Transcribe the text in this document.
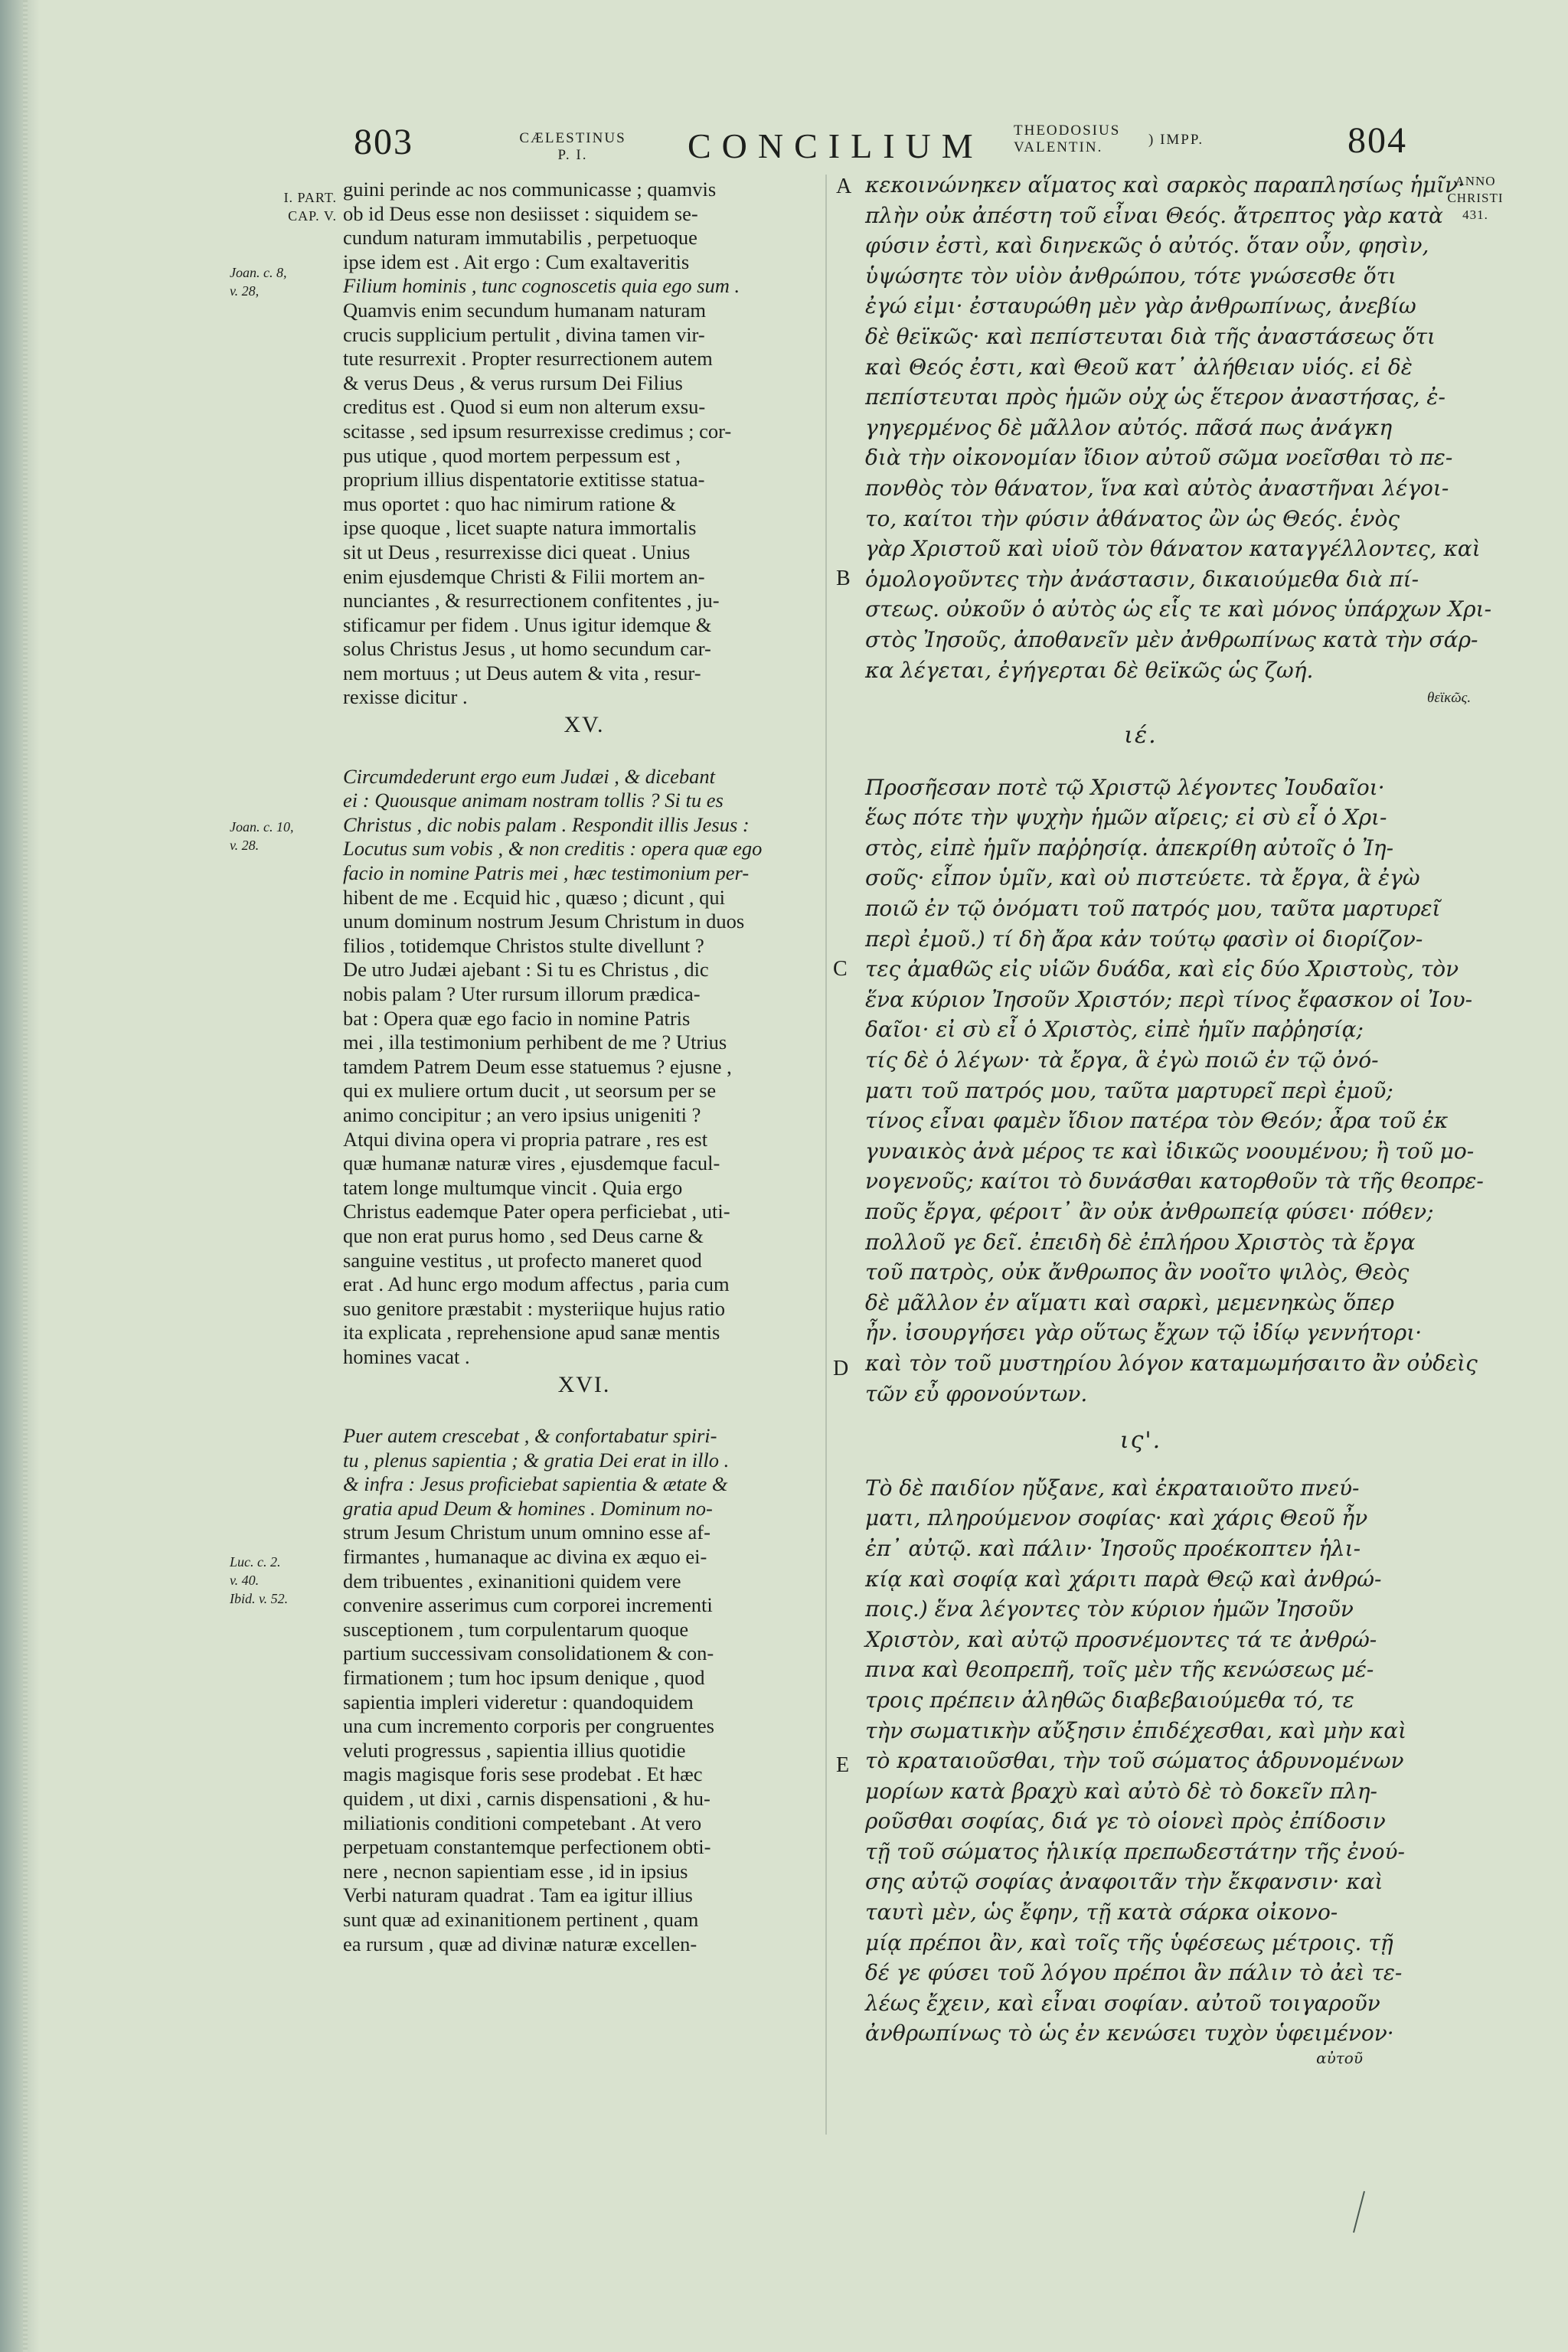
803	CÆLESTINUS
P. I.	CONCILIUM THEODOSIUS
VALENTIN.	) IMPP.	804
ANNO
CHRISTI
431.
I. PART.
CAP. V.
Joan. c. 8,
v. 28,
Joan. c. 10,
v. 28.
Luc. c. 2.
v. 40.
Ibid. v. 52.
A
B
C
D
E
guini perinde ac nos communicasse ; quamvis
ob id Deus esse non desiisset : siquidem se-
cundum naturam immutabilis , perpetuoque
ipse idem est . Ait ergo : Cum exaltaveritis
Filium hominis , tunc cognoscetis quia ego sum .
Quamvis enim secundum humanam naturam
crucis supplicium pertulit , divina tamen vir-
tute resurrexit . Propter resurrectionem autem
& verus Deus , & verus rursum Dei Filius
creditus est . Quod si eum non alterum exsu-
scitasse , sed ipsum resurrexisse credimus ; cor-
pus utique , quod mortem perpessum est ,
proprium illius dispentatorie extitisse statua-
mus oportet : quo hac nimirum ratione &
ipse quoque , licet suapte natura immortalis
sit ut Deus , resurrexisse dici queat . Unius
enim ejusdemque Christi & Filii mortem an-
nunciantes , & resurrectionem confitentes , ju-
stificamur per fidem . Unus igitur idemque &
solus Christus Jesus , ut homo secundum car-
nem mortuus ; ut Deus autem & vita , resur-
rexisse dicitur .
XV.
Circumdederunt ergo eum Judæi , & dicebant
ei : Quousque animam nostram tollis ? Si tu es
Christus , dic nobis palam . Respondit illis Jesus :
Locutus sum vobis , & non creditis : opera quæ ego
facio in nomine Patris mei , hæc testimonium per-
hibent de me . Ecquid hic , quæso ; dicunt , qui
unum dominum nostrum Jesum Christum in duos
filios , totidemque Christos stulte divellunt ?
De utro Judæi ajebant : Si tu es Christus , dic
nobis palam ? Uter rursum illorum prædica-
bat : Opera quæ ego facio in nomine Patris
mei , illa testimonium perhibent de me ? Utrius
tamdem Patrem Deum esse statuemus ? ejusne ,
qui ex muliere ortum ducit , ut seorsum per se
animo concipitur ; an vero ipsius unigeniti ?
Atqui divina opera vi propria patrare , res est
quæ humanæ naturæ vires , ejusdemque facul-
tatem longe multumque vincit . Quia ergo
Christus eademque Pater opera perficiebat , uti-
que non erat purus homo , sed Deus carne &
sanguine vestitus , ut profecto maneret quod
erat . Ad hunc ergo modum affectus , paria cum
suo genitore præstabit : mysteriique hujus ratio
ita explicata , reprehensione apud sanæ mentis
homines vacat .
XVI.
Puer autem crescebat , & confortabatur spiri-
tu , plenus sapientia ; & gratia Dei erat in illo .
& infra : Jesus proficiebat sapientia & ætate &
gratia apud Deum & homines . Dominum no-
strum Jesum Christum unum omnino esse af-
firmantes , humanaque ac divina ex æquo ei-
dem tribuentes , exinanitioni quidem vere
convenire asserimus cum corporei incrementi
susceptionem , tum corpulentarum quoque
partium successivam consolidationem & con-
firmationem ; tum hoc ipsum denique , quod
sapientia impleri videretur : quandoquidem
una cum incremento corporis per congruentes
veluti progressus , sapientia illius quotidie
magis magisque foris sese prodebat . Et hæc
quidem , ut dixi , carnis dispensationi , & hu-
miliationis conditioni competebant . At vero
perpetuam constantemque perfectionem obti-
nere , necnon sapientiam esse , id in ipsius
Verbi naturam quadrat . Tam ea igitur illius
sunt quæ ad exinanitionem pertinent , quam
ea rursum , quæ ad divinæ naturæ excellen-
κεκοινώνηκεν αἵματος καὶ σαρκὸς παραπλησίως ἡμῖν·
πλὴν οὐκ ἀπέστη τοῦ εἶναι Θεός. ἄτρεπτος γὰρ κατὰ
φύσιν ἐστὶ, καὶ διηνεκῶς ὁ αὐτός. ὅταν οὖν, φησὶν,
ὑψώσητε τὸν υἱὸν ἀνθρώπου, τότε γνώσεσθε ὅτι
ἐγώ εἰμι· ἐσταυρώθη μὲν γὰρ ἀνθρωπίνως, ἀνεβίω
δὲ θεϊκῶς· καὶ πεπίστευται διὰ τῆς ἀναστάσεως ὅτι
καὶ Θεός ἐστι, καὶ Θεοῦ κατ᾽ ἀλήθειαν υἱός. εἰ δὲ
πεπίστευται πρὸς ἡμῶν οὐχ ὡς ἕτερον ἀναστήσας, ἐ-
γηγερμένος δὲ μᾶλλον αὐτός. πᾶσά πως ἀνάγκη
διὰ τὴν οἰκονομίαν ἴδιον αὐτοῦ σῶμα νοεῖσθαι τὸ πε-
πονθὸς τὸν θάνατον, ἵνα καὶ αὐτὸς ἀναστῆναι λέγοι-
το, καίτοι τὴν φύσιν ἀθάνατος ὢν ὡς Θεός. ἑνὸς
γὰρ Χριστοῦ καὶ υἱοῦ τὸν θάνατον καταγγέλλοντες, καὶ
ὁμολογοῦντες τὴν ἀνάστασιν, δικαιούμεθα διὰ πί-
στεως. οὐκοῦν ὁ αὐτὸς ὡς εἷς τε καὶ μόνος ὑπάρχων Χρι-
στὸς Ἰησοῦς, ἀποθανεῖν μὲν ἀνθρωπίνως κατὰ τὴν σάρ-
κα λέγεται, ἐγήγερται δὲ θεϊκῶς ὡς ζωή.
ιέ.
Προσῆεσαν ποτὲ τῷ Χριστῷ λέγοντες Ἰουδαῖοι·
ἕως πότε τὴν ψυχὴν ἡμῶν αἴρεις; εἰ σὺ εἶ ὁ Χρι-
στὸς, εἰπὲ ἡμῖν παῤῥησίᾳ. ἀπεκρίθη αὐτοῖς ὁ Ἰη-
σοῦς· εἶπον ὑμῖν, καὶ οὐ πιστεύετε. τὰ ἔργα, ἃ ἐγὼ
ποιῶ ἐν τῷ ὀνόματι τοῦ πατρός μου, ταῦτα μαρτυρεῖ
περὶ ἐμοῦ.) τί δὴ ἄρα κἀν τούτῳ φασὶν οἱ διορίζον-
τες ἀμαθῶς εἰς υἱῶν δυάδα, καὶ εἰς δύο Χριστοὺς, τὸν
ἕνα κύριον Ἰησοῦν Χριστόν; περὶ τίνος ἔφασκον οἱ Ἰου-
δαῖοι· εἰ σὺ εἶ ὁ Χριστὸς, εἰπὲ ἡμῖν παῤῥησίᾳ;
τίς δὲ ὁ λέγων· τὰ ἔργα, ἃ ἐγὼ ποιῶ ἐν τῷ ὀνό-
ματι τοῦ πατρός μου, ταῦτα μαρτυρεῖ περὶ ἐμοῦ;
τίνος εἶναι φαμὲν ἴδιον πατέρα τὸν Θεόν; ἆρα τοῦ ἐκ
γυναικὸς ἀνὰ μέρος τε καὶ ἰδικῶς νοουμένου; ἢ τοῦ μο-
νογενοῦς; καίτοι τὸ δυνάσθαι κατορθοῦν τὰ τῆς θεοπρε-
ποῦς ἔργα, φέροιτ᾽ ἂν οὐκ ἀνθρωπείᾳ φύσει· πόθεν;
πολλοῦ γε δεῖ. ἐπειδὴ δὲ ἐπλήρου Χριστὸς τὰ ἔργα
τοῦ πατρὸς, οὐκ ἄνθρωπος ἂν νοοῖτο ψιλὸς, Θεὸς
δὲ μᾶλλον ἐν αἵματι καὶ σαρκὶ, μεμενηκὼς ὅπερ
ἦν. ἰσουργήσει γὰρ οὕτως ἔχων τῷ ἰδίῳ γεννήτορι·
καὶ τὸν τοῦ μυστηρίου λόγον καταμωμήσαιτο ἂν οὐδεὶς
τῶν εὖ φρονούντων.
ις'.
Τὸ δὲ παιδίον ηὔξανε, καὶ ἐκραταιοῦτο πνεύ-
ματι, πληρούμενον σοφίας· καὶ χάρις Θεοῦ ἦν
ἐπ᾽ αὐτῷ. καὶ πάλιν· Ἰησοῦς προέκοπτεν ἡλι-
κίᾳ καὶ σοφίᾳ καὶ χάριτι παρὰ Θεῷ καὶ ἀνθρώ-
ποις.) ἕνα λέγοντες τὸν κύριον ἡμῶν Ἰησοῦν
Χριστὸν, καὶ αὐτῷ προσνέμοντες τά τε ἀνθρώ-
πινα καὶ θεοπρεπῆ, τοῖς μὲν τῆς κενώσεως μέ-
τροις πρέπειν ἀληθῶς διαβεβαιούμεθα τό, τε
τὴν σωματικὴν αὔξησιν ἐπιδέχεσθαι, καὶ μὴν καὶ
τὸ κραταιοῦσθαι, τὴν τοῦ σώματος ἁδρυνομένων
μορίων κατὰ βραχὺ καὶ αὐτὸ δὲ τὸ δοκεῖν πλη-
ροῦσθαι σοφίας, διά γε τὸ οἱονεὶ πρὸς ἐπίδοσιν
τῇ τοῦ σώματος ἡλικίᾳ πρεπωδεστάτην τῆς ἐνού-
σης αὐτῷ σοφίας ἀναφοιτᾶν τὴν ἔκφανσιν· καὶ
ταυτὶ μὲν, ὡς ἔφην, τῇ κατὰ σάρκα οἰκονο-
μίᾳ πρέποι ἂν, καὶ τοῖς τῆς ὑφέσεως μέτροις. τῇ
δέ γε φύσει τοῦ λόγου πρέποι ἂν πάλιν τὸ ἀεὶ τε-
λέως ἔχειν, καὶ εἶναι σοφίαν. αὐτοῦ τοιγαροῦν
ἀνθρωπίνως τὸ ὡς ἐν κενώσει τυχὸν ὑφειμένον·
αὐτοῦ
θεϊκῶς.
